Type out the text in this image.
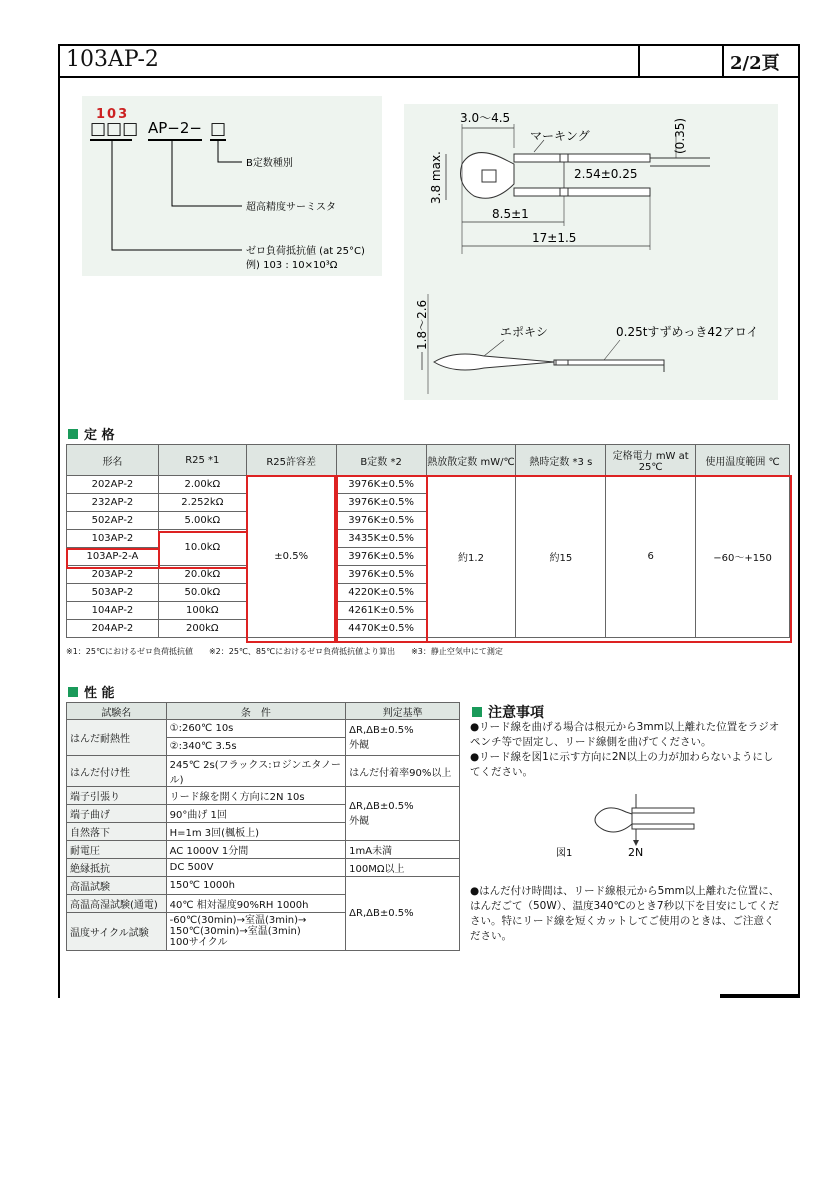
103AP-2	2/2頁
103
□□□ AP−2− □
B定数種別
超高精度サーミスタ
ゼロ負荷抵抗値 (at 25°C)
例) 103 : 10×10³Ω
3.0〜4.5
マーキング	(0.35)
3.8 max.	2.54±0.25
8.5±1
17±1.5
1.8〜2.6	エポキシ	0.25tすずめっき42アロイ
定 格
形名	R25 *1	R25許容差	B定数 *2	熱放散定数 mW/℃	熱時定数 *3 s	定格電力 mW at 25℃	使用温度範囲 ℃
202AP-2	2.00kΩ	±0.5%	3976K±0.5%	約1.2	約15	6	−60〜+150
232AP-2	2.252kΩ		3976K±0.5%				
502AP-2	5.00kΩ		3976K±0.5%				
103AP-2	10.0kΩ		3435K±0.5%				
103AP-2-A			3976K±0.5%				
203AP-2	20.0kΩ		3976K±0.5%				
503AP-2	50.0kΩ		4220K±0.5%				
104AP-2	100kΩ		4261K±0.5%				
204AP-2	200kΩ		4470K±0.5%				
※1：25℃におけるゼロ負荷抵抗値　　※2：25℃、85℃におけるゼロ負荷抵抗値より算出　　※3：静止空気中にて測定
性 能
試験名	条　件	判定基準
はんだ耐熱性	①:260℃ 10s	ΔR,ΔB±0.5%
外観
	②:340℃ 3.5s	
はんだ付け性	245℃ 2s(フラックス:ロジンエタノール)	はんだ付着率90%以上
端子引張り	リード線を開く方向に2N 10s	ΔR,ΔB±0.5%
外観
端子曲げ	90°曲げ 1回	
自然落下	H=1m 3回(楓板上)	
耐電圧	AC 1000V 1分間	1mA未満
絶縁抵抗	DC 500V	100MΩ以上
高温試験	150℃ 1000h	ΔR,ΔB±0.5%
高温高湿試験(通電)	40℃ 相対湿度90%RH 1000h	
温度サイクル試験	-60℃(30min)→室温(3min)→
150℃(30min)→室温(3min)
100サイクル	
注意事項

●リード線を曲げる場合は根元から3mm以上離れた位置をラジオペンチ等で固定し、リード線側を曲げてください。

●リード線を図1に示す方向に2N以上の力が加わらないようにしてください。

2N
図1

●はんだ付け時間は、リード線根元から5mm以上離れた位置に、はんだごて（50W）、温度340℃のとき7秒以下を目安にしてください。特にリード線を短くカットしてご使用のときは、ご注意ください。
